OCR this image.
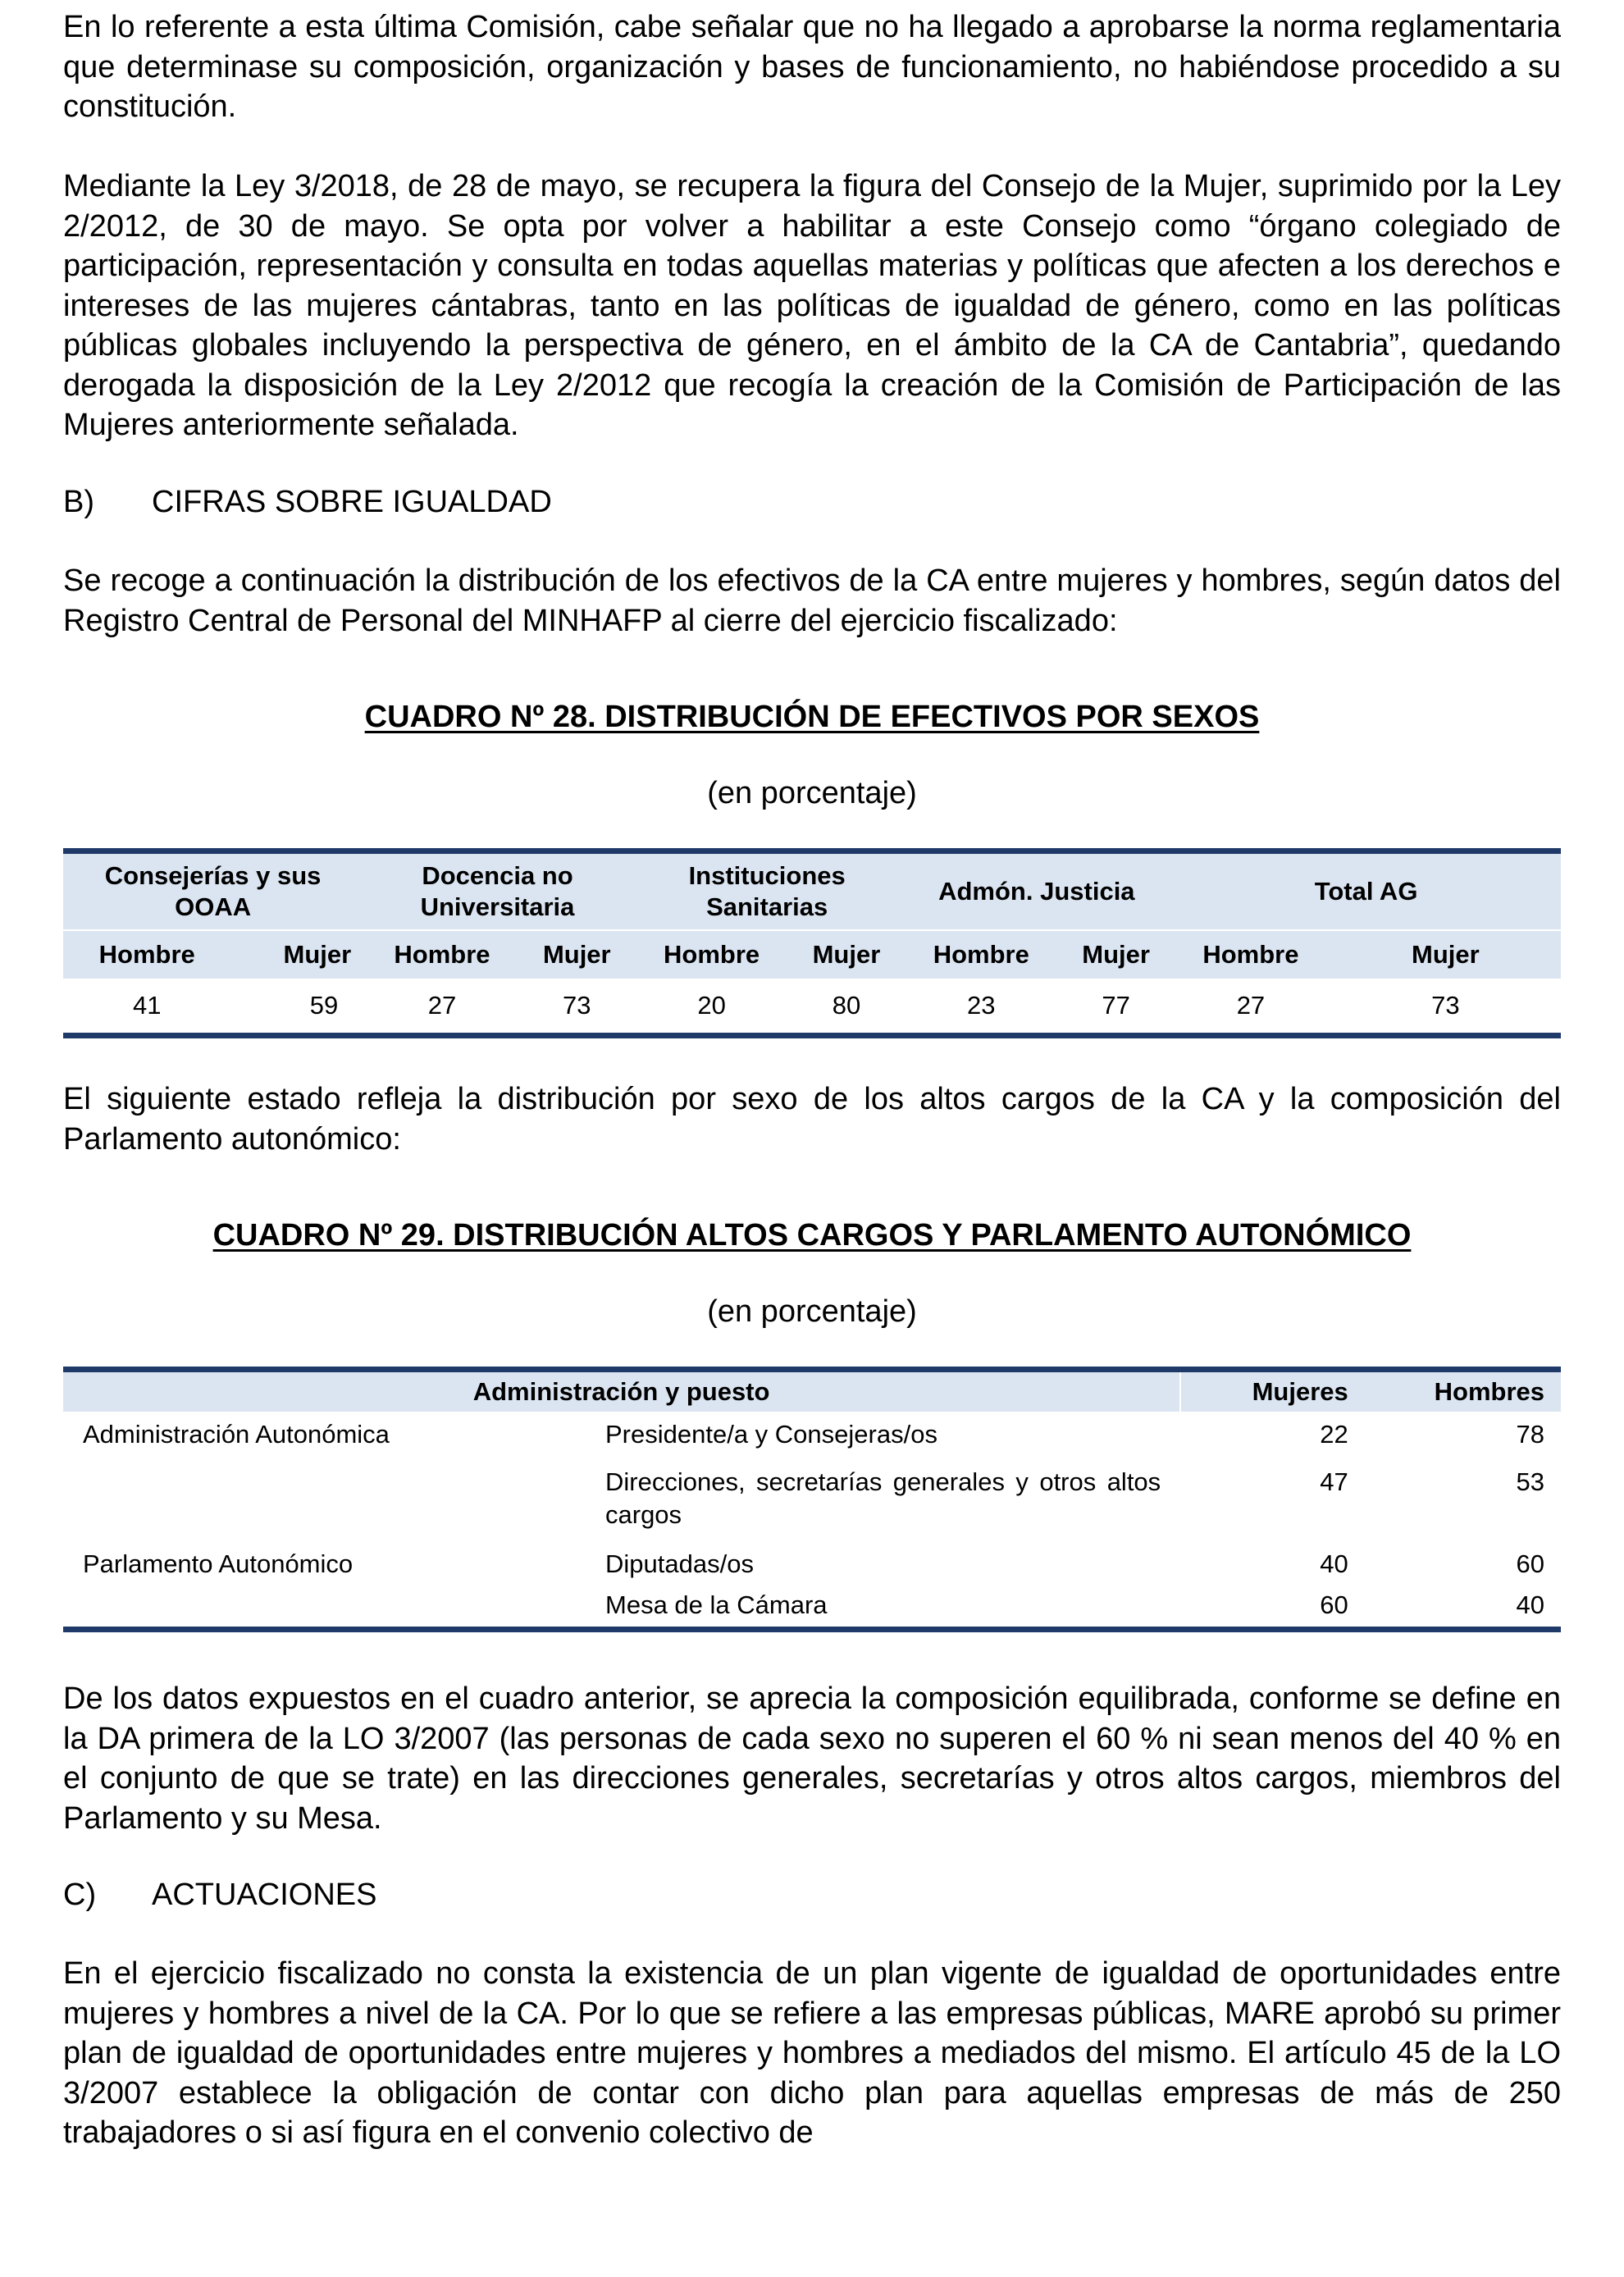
En lo referente a esta última Comisión, cabe señalar que no ha llegado a aprobarse la norma reglamentaria que determinase su composición, organización y bases de funcionamiento, no habiéndose procedido a su constitución.

Mediante la Ley 3/2018, de 28 de mayo, se recupera la figura del Consejo de la Mujer, suprimido por la Ley 2/2012, de 30 de mayo. Se opta por volver a habilitar a este Consejo como “órgano colegiado de participación, representación y consulta en todas aquellas materias y políticas que afecten a los derechos e intereses de las mujeres cántabras, tanto en las políticas de igualdad de género, como en las políticas públicas globales incluyendo la perspectiva de género, en el ámbito de la CA de Cantabria”, quedando derogada la disposición de la Ley 2/2012 que recogía la creación de la Comisión de Participación de las Mujeres anteriormente señalada.

B) CIFRAS SOBRE IGUALDAD

Se recoge a continuación la distribución de los efectivos de la CA entre mujeres y hombres, según datos del Registro Central de Personal del MINHAFP al cierre del ejercicio fiscalizado:

CUADRO Nº 28. DISTRIBUCIÓN DE EFECTIVOS POR SEXOS
(en porcentaje)
Consejerías y sus OOAA		Docencia no Universitaria		Instituciones Sanitarias		Admón. Justicia		Total AG	
Hombre	Mujer	Hombre	Mujer	Hombre	Mujer	Hombre	Mujer	Hombre	Mujer
41	59	27	73	20	80	23	77	27	73

El siguiente estado refleja la distribución por sexo de los altos cargos de la CA y la composición del Parlamento autonómico:

CUADRO Nº 29. DISTRIBUCIÓN ALTOS CARGOS Y PARLAMENTO AUTONÓMICO
(en porcentaje)
Administración y puesto		Mujeres	Hombres
Administración Autonómica	Presidente/a y Consejeras/os	22	78
	Direcciones, secretarías generales y otros altos cargos	47	53
Parlamento Autonómico	Diputadas/os	40	60
	Mesa de la Cámara	60	40

De los datos expuestos en el cuadro anterior, se aprecia la composición equilibrada, conforme se define en la DA primera de la LO 3/2007 (las personas de cada sexo no superen el 60 % ni sean menos del 40 % en el conjunto de que se trate) en las direcciones generales, secretarías y otros altos cargos, miembros del Parlamento y su Mesa.

C) ACTUACIONES

En el ejercicio fiscalizado no consta la existencia de un plan vigente de igualdad de oportunidades entre mujeres y hombres a nivel de la CA. Por lo que se refiere a las empresas públicas, MARE aprobó su primer plan de igualdad de oportunidades entre mujeres y hombres a mediados del mismo. El artículo 45 de la LO 3/2007 establece la obligación de contar con dicho plan para aquellas empresas de más de 250 trabajadores o si así figura en el convenio colectivo de
